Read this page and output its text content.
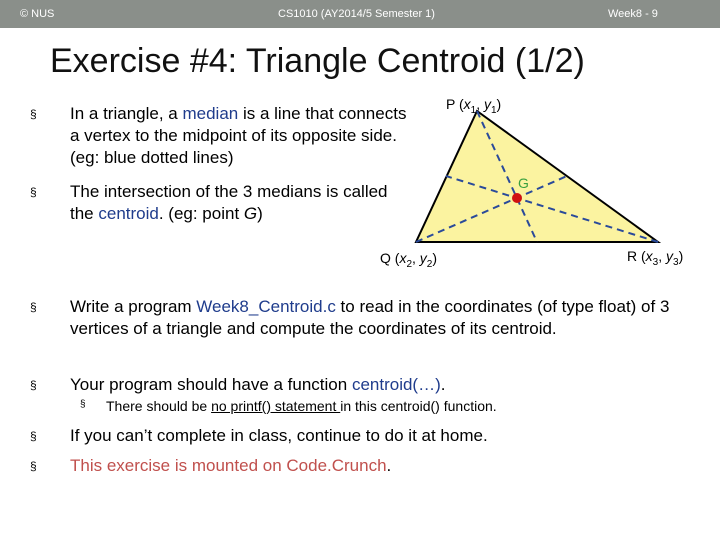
© NUS	CS1010 (AY2014/5 Semester 1)	Week8 - 9
Exercise #4: Triangle Centroid (1/2)
§ In a triangle, a median is a line that connects a vertex to the midpoint of its opposite side. (eg: blue dotted lines)
§ The intersection of the 3 medians is called the centroid. (eg: point G)
P ($x_1$, $y_1$)
Q ($x_2$, $y_2$)	R ($x_3$, $y_3$)
G
§ Write a program Week8_Centroid.c to read in the coordinates (of type float) of 3 vertices of a triangle and compute the coordinates of its centroid.
§ Your program should have a function centroid(…).
§ There should be no printf() statement in this centroid() function.
§ If you can’t complete in class, continue to do it at home.
§ This exercise is mounted on Code.Crunch.
